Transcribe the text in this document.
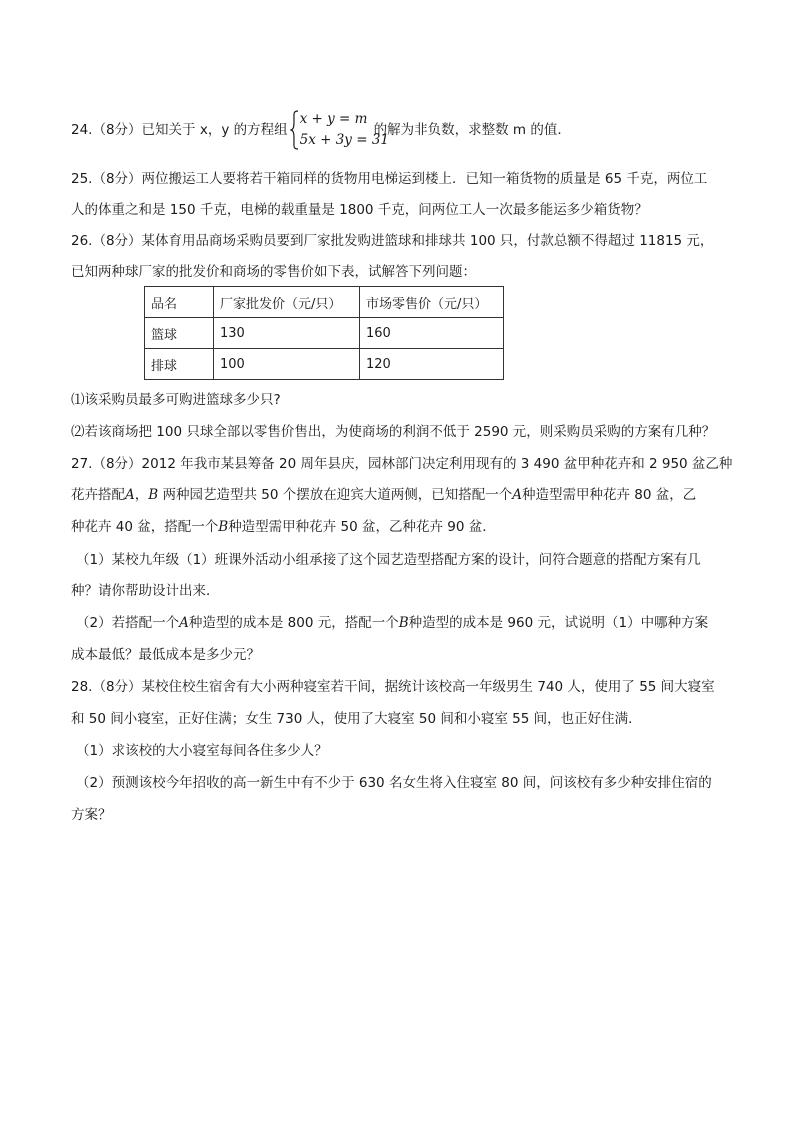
24.（8分）已知关于 x，y 的方程组
x + y = m
5x + 3y = 31
的解为非负数，求整数 m 的值.
25.（8分）两位搬运工人要将若干箱同样的货物用电梯运到楼上．已知一箱货物的质量是 65 千克，两位工
人的体重之和是 150 千克，电梯的载重量是 1800 千克，问两位工人一次最多能运多少箱货物？
26.（8分）某体育用品商场采购员要到厂家批发购进篮球和排球共 100 只，付款总额不得超过 11815 元，
已知两种球厂家的批发价和商场的零售价如下表，试解答下列问题：
品名	厂家批发价（元/只）	市场零售价（元/只）
篮球	130	160
排球	100	120
⑴该采购员最多可购进篮球多少只?
⑵若该商场把 100 只球全部以零售价售出，为使商场的利润不低于 2590 元，则采购员采购的方案有几种？
27.（8分）2012 年我市某县筹备 20 周年县庆，园林部门决定利用现有的 3 490 盆甲种花卉和 2 950 盆乙种
花卉搭配A，B 两种园艺造型共 50 个摆放在迎宾大道两侧，已知搭配一个A种造型需甲种花卉 80 盆，乙
种花卉 40 盆，搭配一个B种造型需甲种花卉 50 盆，乙种花卉 90 盆．
（1）某校九年级（1）班课外活动小组承接了这个园艺造型搭配方案的设计，问符合题意的搭配方案有几
种？请你帮助设计出来．
（2）若搭配一个A种造型的成本是 800 元，搭配一个B种造型的成本是 960 元，试说明（1）中哪种方案
成本最低？最低成本是多少元？
28.（8分）某校住校生宿舍有大小两种寝室若干间，据统计该校高一年级男生 740 人，使用了 55 间大寝室
和 50 间小寝室，正好住满；女生 730 人，使用了大寝室 50 间和小寝室 55 间，也正好住满．
（1）求该校的大小寝室每间各住多少人？
（2）预测该校今年招收的高一新生中有不少于 630 名女生将入住寝室 80 间，问该校有多少种安排住宿的
方案？
